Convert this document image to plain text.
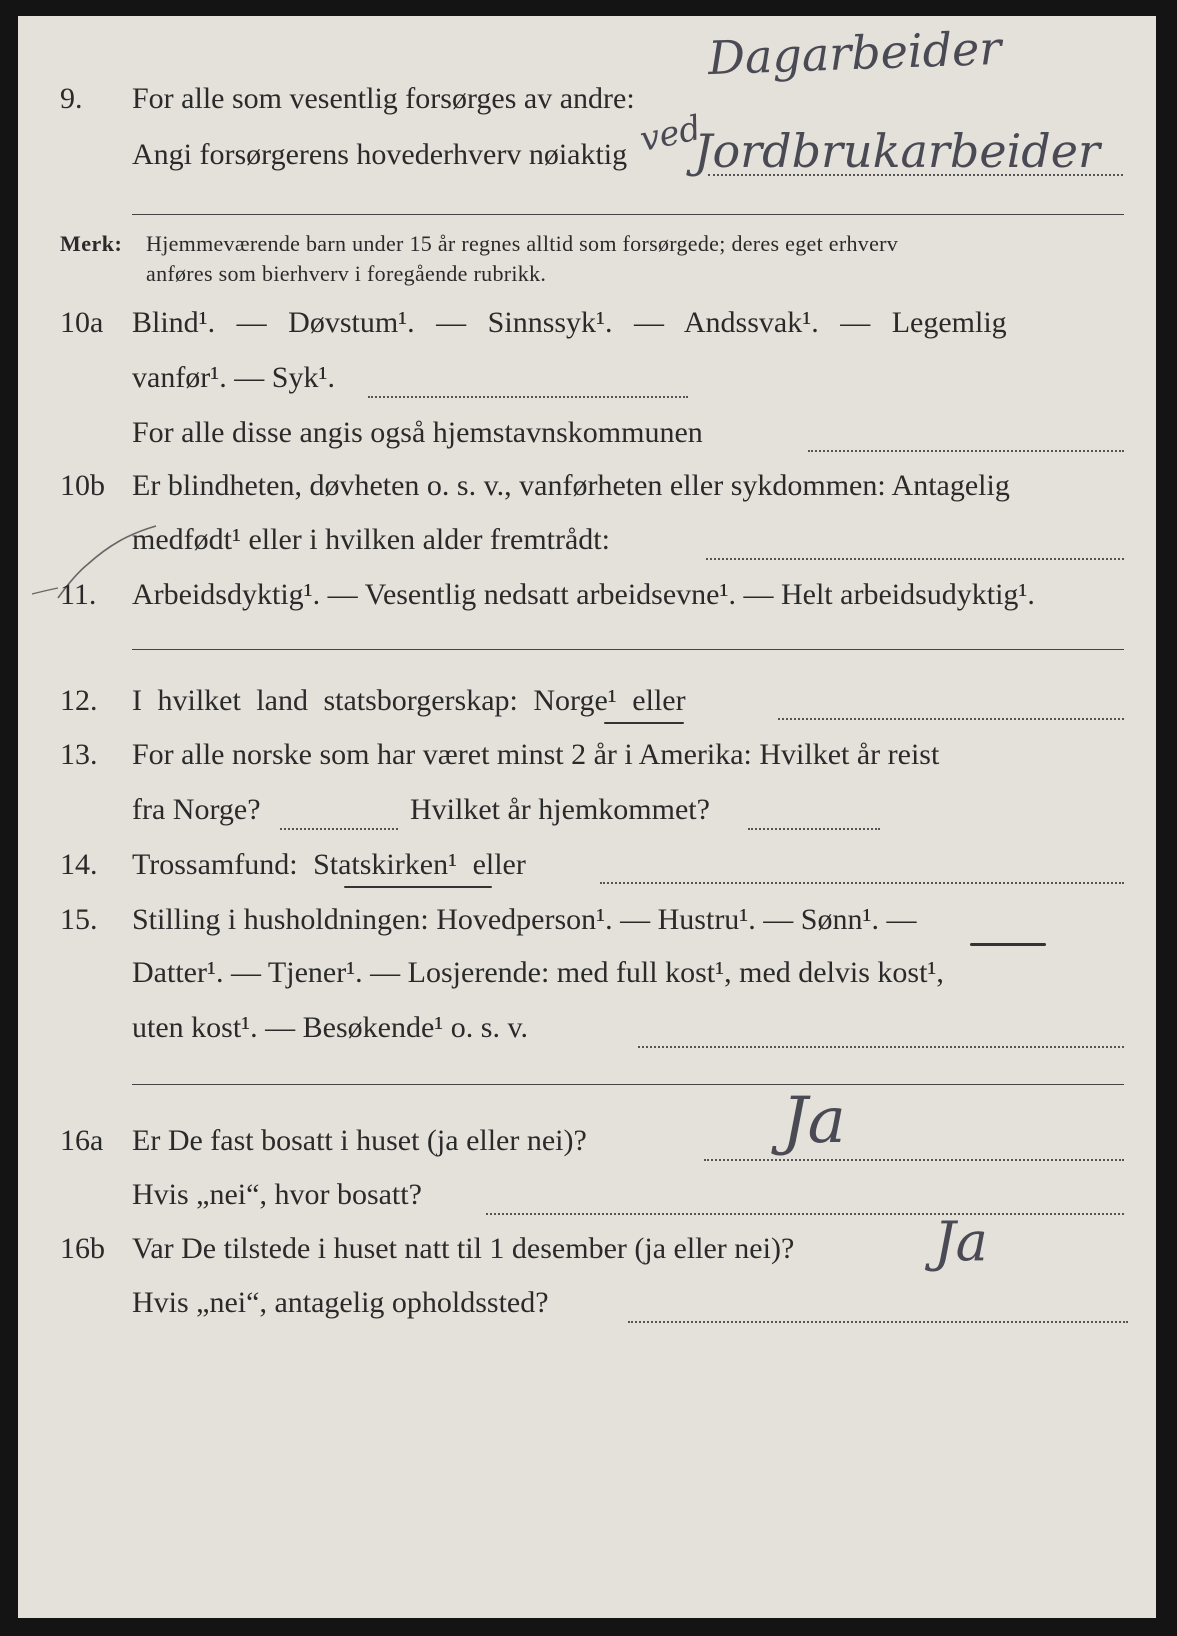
9. For alle som vesentlig forsørges av andre:
Dagarbeider
Angi forsørgerens hovederhverv nøiaktig ved
Jordbrukarbeider
Merk: Hjemmeværende barn under 15 år regnes alltid som forsørgede; deres eget erhverv
anføres som bierhverv i foregående rubrikk.
10a Blind¹. — Døvstum¹. — Sinnssyk¹. — Andssvak¹. — Legemlig
vanfør¹. — Syk¹.
For alle disse angis også hjemstavnskommunen
10b Er blindheten, døvheten o. s. v., vanførheten eller sykdommen: Antagelig
medfødt¹ eller i hvilken alder fremtrådt:
11. Arbeidsdyktig¹. — Vesentlig nedsatt arbeidsevne¹. — Helt arbeidsudyktig¹.
12. I hvilket land statsborgerskap: Norge¹ eller
13. For alle norske som har været minst 2 år i Amerika: Hvilket år reist
fra Norge?	Hvilket år hjemkommet?
14. Trossamfund: Statskirken¹ eller
15. Stilling i husholdningen: Hovedperson¹. — Hustru¹. — Sønn¹. —
Datter¹. — Tjener¹. — Losjerende: med full kost¹, med delvis kost¹,
uten kost¹. — Besøkende¹ o. s. v.
16a Er De fast bosatt i huset (ja eller nei)?	Ja
Hvis „nei“, hvor bosatt?
16b Var De tilstede i huset natt til 1 desember (ja eller nei)?	Ja
Hvis „nei“, antagelig opholdssted?
